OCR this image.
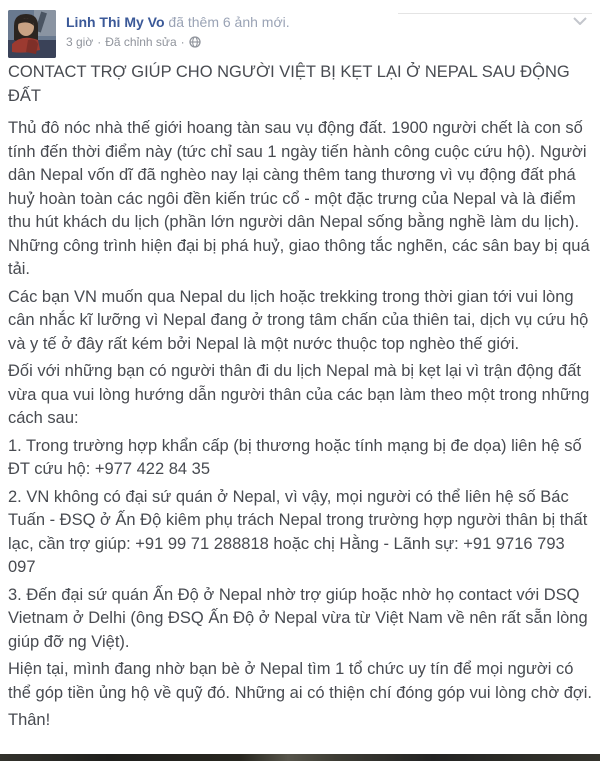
Linh Thi My Vo đã thêm 6 ảnh mới.
3 giờ · Đã chỉnh sửa ·

CONTACT TRỢ GIÚP CHO NGƯỜI VIỆT BỊ KẸT LẠI Ở NEPAL SAU ĐỘNG ĐẤT

Thủ đô nóc nhà thế giới hoang tàn sau vụ động đất. 1900 người chết là con số tính đến thời điểm này (tức chỉ sau 1 ngày tiến hành công cuộc cứu hộ). Người dân Nepal vốn dĩ đã nghèo nay lại càng thêm tang thương vì vụ động đất phá huỷ hoàn toàn các ngôi đền kiến trúc cổ - một đặc trưng của Nepal và là điểm thu hút khách du lịch (phần lớn người dân Nepal sống bằng nghề làm du lịch). Những công trình hiện đại bị phá huỷ, giao thông tắc nghẽn, các sân bay bị quá tải.

Các bạn VN muốn qua Nepal du lịch hoặc trekking trong thời gian tới vui lòng cân nhắc kĩ lưỡng vì Nepal đang ở trong tâm chấn của thiên tai, dịch vụ cứu hộ và y tế ở đây rất kém bởi Nepal là một nước thuộc top nghèo thế giới.

Đối với những bạn có người thân đi du lịch Nepal mà bị kẹt lại vì trận động đất vừa qua vui lòng hướng dẫn người thân của các bạn làm theo một trong những cách sau:

1. Trong trường hợp khẩn cấp (bị thương hoặc tính mạng bị đe dọa) liên hệ số ĐT cứu hộ: +977 422 84 35

2. VN không có đại sứ quán ở Nepal, vì vậy, mọi người có thể liên hệ số Bác Tuấn - ĐSQ ở Ấn Độ kiêm phụ trách Nepal trong trường hợp người thân bị thất lạc, cần trợ giúp: +91 99 71 288818 hoặc chị Hằng - Lãnh sự: +91 9716 793 097

3. Đến đại sứ quán Ấn Độ ở Nepal nhờ trợ giúp hoặc nhờ họ contact với DSQ Vietnam ở Delhi (ông ĐSQ Ấn Độ ở Nepal vừa từ Việt Nam về nên rất sẵn lòng giúp đỡ ng Việt).

Hiện tại, mình đang nhờ bạn bè ở Nepal tìm 1 tổ chức uy tín để mọi người có thể góp tiền ủng hộ về quỹ đó. Những ai có thiện chí đóng góp vui lòng chờ đợi.

Thân!
